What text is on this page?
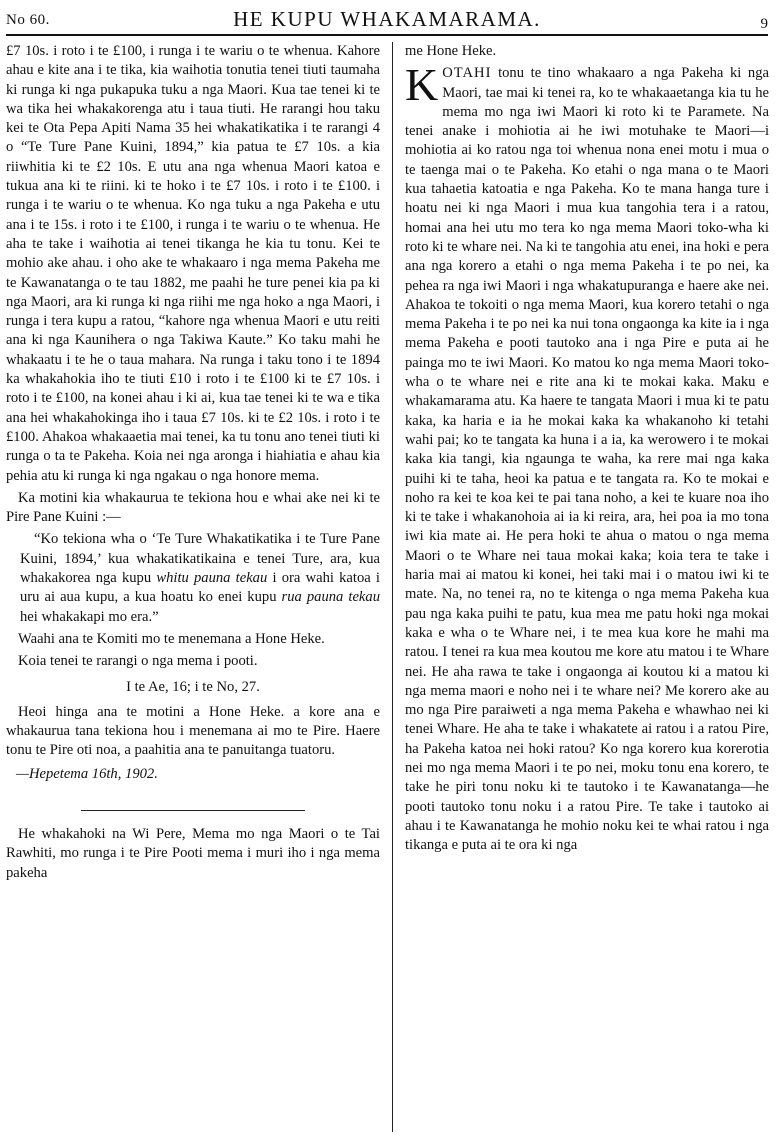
No 60.	HE KUPU WHAKAMARAMA.	9

£7 10s. i roto i te £100, i runga i te wariu o te whenua. Kahore ahau e kite ana i te tika, kia waihotia tonutia tenei tiuti taumaha ki runga ki nga pukapuka tuku a nga Maori. Kua tae tenei ki te wa tika hei whakakorenga atu i taua tiuti. He rarangi hou taku kei te Ota Pepa Apiti Nama 35 hei whakatikatika i te rarangi 4 o “Te Ture Pane Kuini, 1894,” kia patua te £7 10s. a kia riiwhitia ki te £2 10s. E utu ana nga whenua Maori katoa e tukua ana ki te riini. ki te hoko i te £7 10s. i roto i te £100. i runga i te wariu o te whenua. Ko nga tuku a nga Pakeha e utu ana i te 15s. i roto i te £100, i runga i te wariu o te whenua. He aha te take i waihotia ai tenei tikanga he kia tu tonu. Kei te mohio ake ahau. i oho ake te whakaaro i nga mema Pakeha me te Kawanatanga o te tau 1882, me paahi he ture penei kia pa ki nga Maori, ara ki runga ki nga riihi me nga hoko a nga Maori, i runga i tera kupu a ratou, “kahore nga whenua Maori e utu reiti ana ki nga Kaunihera o nga Takiwa Kaute.” Ko taku mahi he whakaatu i te he o taua mahara. Na runga i taku tono i te 1894 ka whakahokia iho te tiuti £10 i roto i te £100 ki te £7 10s. i roto i te £100, na konei ahau i ki ai, kua tae tenei ki te wa e tika ana hei whakahokinga iho i taua £7 10s. ki te £2 10s. i roto i te £100. Ahakoa whakaaetia mai tenei, ka tu tonu ano tenei tiuti ki runga o ta te Pakeha. Koia nei nga aronga i hiahiatia e ahau kia pehia atu ki runga ki nga ngakau o nga honore mema.

Ka motini kia whakaurua te tekiona hou e whai ake nei ki te Pire Pane Kuini :—

“Ko tekiona wha o ‘Te Ture Whakatikatika i te Ture Pane Kuini, 1894,’ kua whakatikatikaina e tenei Ture, ara, kua whakakorea nga kupu whitu pauna tekau i ora wahi katoa i uru ai aua kupu, a kua hoatu ko enei kupu rua pauna tekau hei whakakapi mo era.”

Waahi ana te Komiti mo te menemana a Hone Heke.

Koia tenei te rarangi o nga mema i pooti.

I te Ae, 16; i te No, 27.

Heoi hinga ana te motini a Hone Heke. a kore ana e whakaurua tana tekiona hou i menemana ai mo te Pire. Haere tonu te Pire oti noa, a paahitia ana te panuitanga tuatoru.

—Hepetema 16th, 1902.

He whakahoki na Wi Pere, Mema mo nga Maori o te Tai Rawhiti, mo runga i te Pire Pooti mema i muri iho i nga mema pakeha

me Hone Heke.

KOTAHI tonu te tino whakaaro a nga Pakeha ki nga Maori, tae mai ki tenei ra, ko te whakaaetanga kia tu he mema mo nga iwi Maori ki roto ki te Paramete. Na tenei anake i mohiotia ai he iwi motuhake te Maori—i mohiotia ai ko ratou nga toi whenua nona enei motu i mua o te taenga mai o te Pakeha. Ko etahi o nga mana o te Maori kua tahaetia katoatia e nga Pakeha. Ko te mana hanga ture i hoatu nei ki nga Maori i mua kua tangohia tera i a ratou, homai ana hei utu mo tera ko nga mema Maori toko-wha ki roto ki te whare nei. Na ki te tangohia atu enei, ina hoki e pera ana nga korero a etahi o nga mema Pakeha i te po nei, ka pehea ra nga iwi Maori i nga whakatupuranga e haere ake nei. Ahakoa te tokoiti o nga mema Maori, kua korero tetahi o nga mema Pakeha i te po nei ka nui tona ongaonga ka kite ia i nga mema Pakeha e pooti tautoko ana i nga Pire e puta ai he painga mo te iwi Maori. Ko matou ko nga mema Maori toko-wha o te whare nei e rite ana ki te mokai kaka. Maku e whakamarama atu. Ka haere te tangata Maori i mua ki te patu kaka, ka haria e ia he mokai kaka ka whakanoho ki tetahi wahi pai; ko te tangata ka huna i a ia, ka werowero i te mokai kaka kia tangi, kia ngaunga te waha, ka rere mai nga kaka puihi ki te taha, heoi ka patua e te tangata ra. Ko te mokai e noho ra kei te koa kei te pai tana noho, a kei te kuare noa iho ki te take i whakanohoia ai ia ki reira, ara, hei poa ia mo tona iwi kia mate ai. He pera hoki te ahua o matou o nga mema Maori o te Whare nei taua mokai kaka; koia tera te take i haria mai ai matou ki konei, hei taki mai i o matou iwi ki te mate. Na, no tenei ra, no te kitenga o nga mema Pakeha kua pau nga kaka puihi te patu, kua mea me patu hoki nga mokai kaka e wha o te Whare nei, i te mea kua kore he mahi ma ratou. I tenei ra kua mea koutou me kore atu matou i te Whare nei. He aha rawa te take i ongaonga ai koutou ki a matou ki nga mema maori e noho nei i te whare nei? Me korero ake au mo nga Pire paraiweti a nga mema Pakeha e whawhao nei ki tenei Whare. He aha te take i whakatete ai ratou i a ratou Pire, ha Pakeha katoa nei hoki ratou? Ko nga korero kua korerotia nei mo nga mema Maori i te po nei, moku tonu ena korero, te take he piri tonu noku ki te tautoko i te Kawanatanga—he pooti tautoko tonu noku i a ratou Pire. Te take i tautoko ai ahau i te Kawanatanga he mohio noku kei te whai ratou i nga tikanga e puta ai te ora ki nga
